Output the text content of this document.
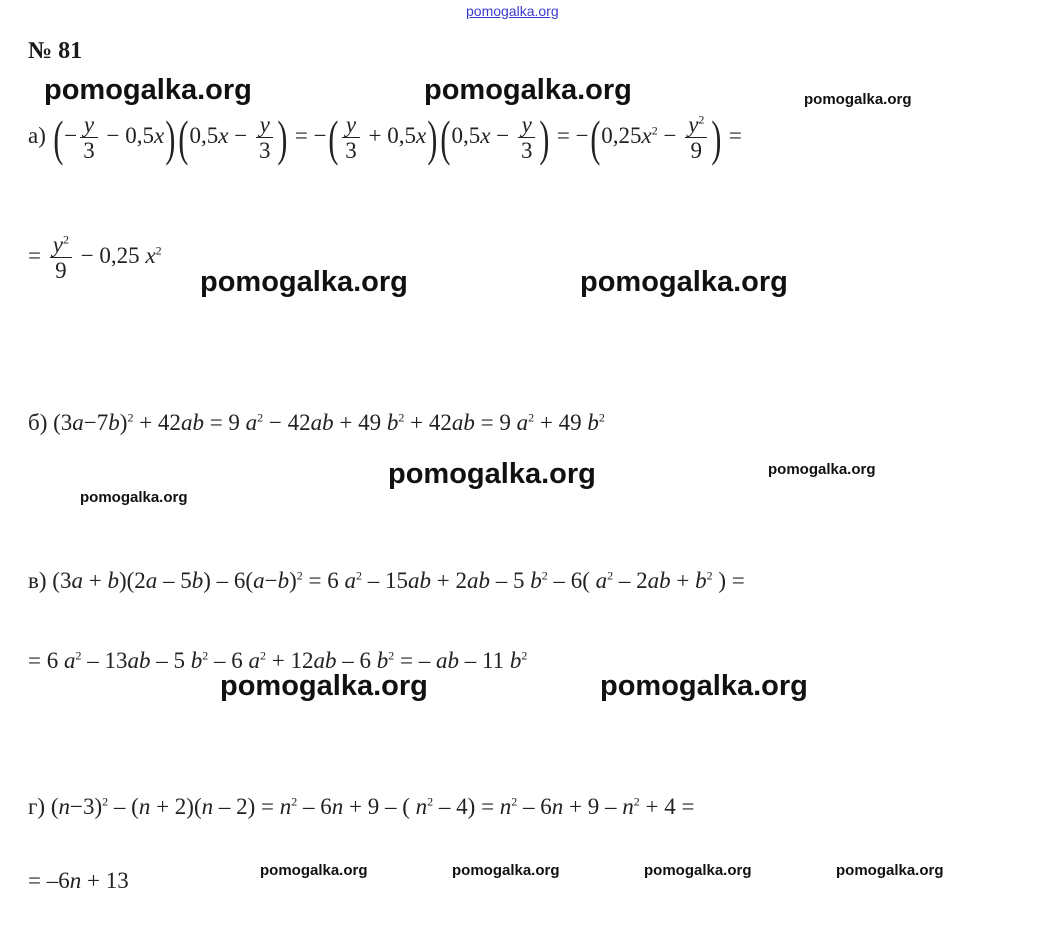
pomogalka.org
№ 81
pomogalka.org	pomogalka.org	pomogalka.org
а) (− $\frac{y}{3} - 0,5x)(0,5x - \frac{y}{3}$ ) = −( $\frac{y}{3} + 0,5x)(0,5x - \frac{y}{3}$ ) = $-(0,25x^2 - \frac{y^2}{9}$ ) =
= $\frac{y^2}{9} - 0,25$ $x^2$
pomogalka.org	pomogalka.org
б) $(3a-7b)^2 + 42ab = 9$ $a^2 - 42ab + 49$ $b^2 + 42ab = 9$ $a^2 + 49$ $b^2$
pomogalka.org	pomogalka.org
pomogalka.org
в) $(3a + b)(2a - 5b) - 6(a-b)^2 = 6$ $a^2 - 15ab + 2ab - 5$ $b^2 - 6$( $a^2 - 2ab + b^2$ ) =
= 6 $a^2 - 13ab - 5$ $b^2 - 6$ $a^2 + 12ab - 6$ $b^2$ = – ab – 11 $b^2$
pomogalka.org	pomogalka.org
г) $(n-3)^2 - (n + 2)(n - 2) = n^2 - 6n + 9$ – ( $n^2 - 4) = n^2 - 6n + 9 - n^2 + 4$ =
= –6n + 13	pomogalka.org	pomogalka.org	pomogalka.org	pomogalka.org
